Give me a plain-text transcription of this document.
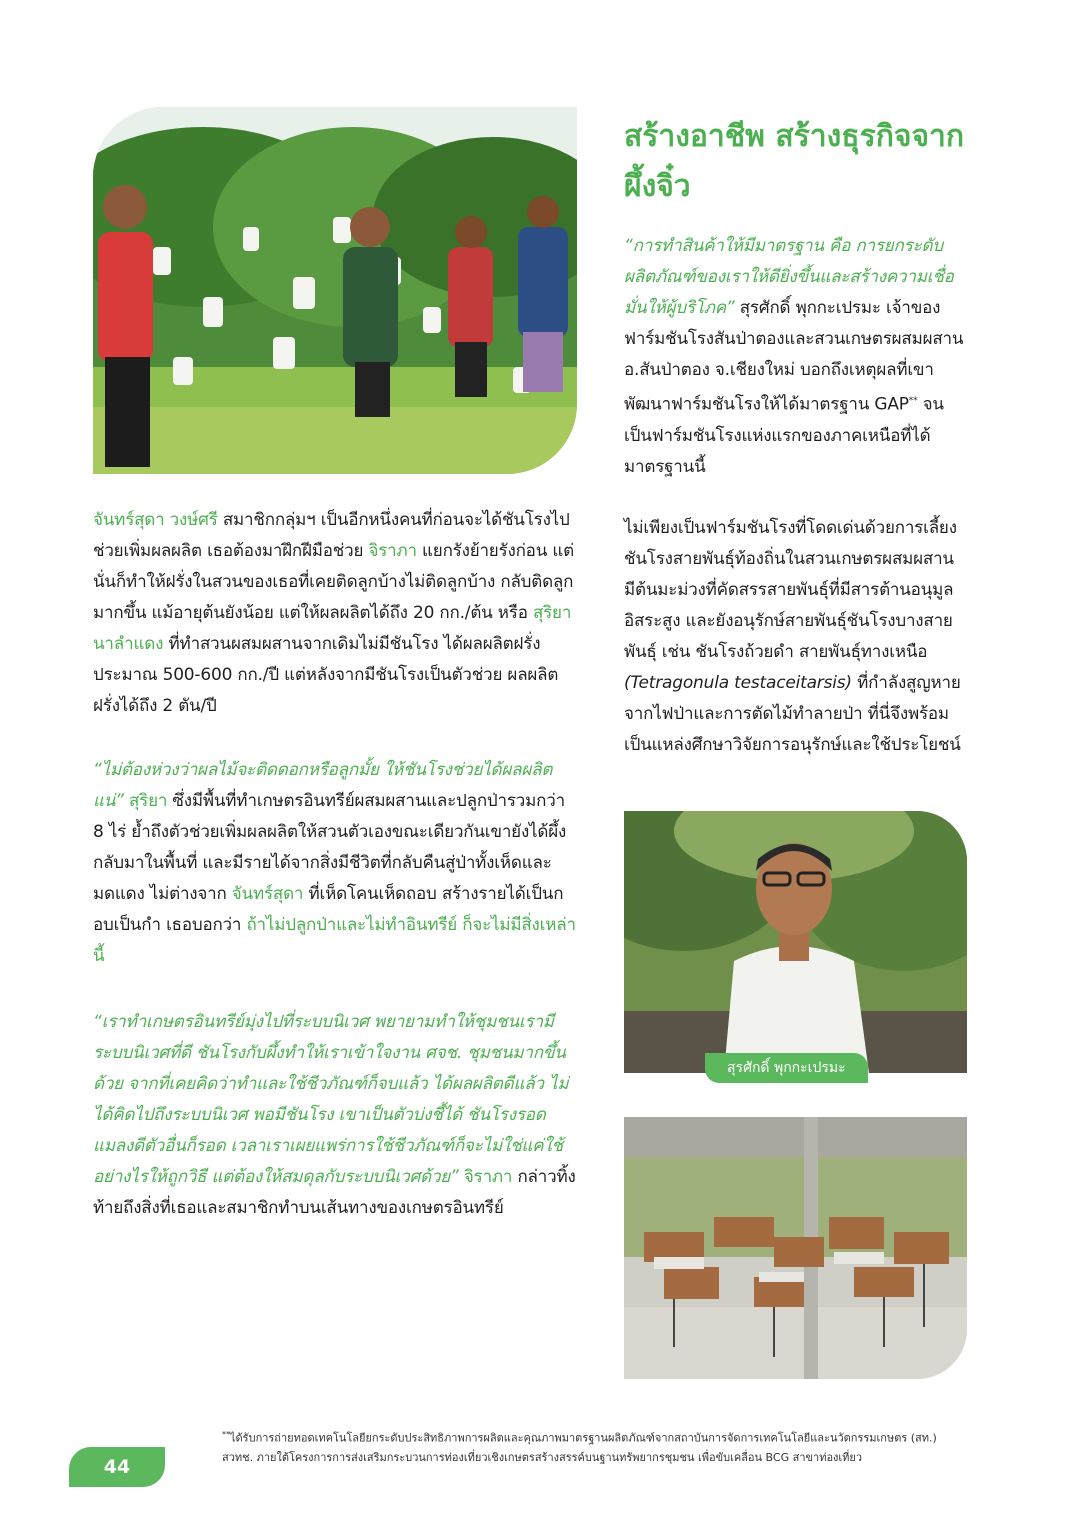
สร้างอาชีพ สร้างธุรกิจจากผึ้งจิ๋ว

“การทำสินค้าให้มีมาตรฐาน คือ การยกระดับผลิตภัณฑ์ของเราให้ดียิ่งขึ้นและสร้างความเชื่อมั่นให้ผู้บริโภค” สุรศักดิ์ พุกกะเปรมะ เจ้าของฟาร์มชันโรงสันป่าตองและสวนเกษตรผสมผสาน อ.สันป่าตอง จ.เชียงใหม่ บอกถึงเหตุผลที่เขาพัฒนาฟาร์มชันโรงให้ได้มาตรฐาน GAP** จนเป็นฟาร์มชันโรงแห่งแรกของภาคเหนือที่ได้มาตรฐานนี้

ไม่เพียงเป็นฟาร์มชันโรงที่โดดเด่นด้วยการเลี้ยงชันโรงสายพันธุ์ท้องถิ่นในสวนเกษตรผสมผสาน มีต้นมะม่วงที่คัดสรรสายพันธุ์ที่มีสารต้านอนุมูลอิสระสูง และยังอนุรักษ์สายพันธุ์ชันโรงบางสายพันธุ์ เช่น ชันโรงถ้วยดำ สายพันธุ์ทางเหนือ (Tetragonula testaceitarsis) ที่กำลังสูญหายจากไฟป่าและการตัดไม้ทำลายป่า ที่นี่จึงพร้อมเป็นแหล่งศึกษาวิจัยการอนุรักษ์และใช้ประโยชน์

จันทร์สุดา วงษ์ศรี สมาชิกกลุ่มฯ เป็นอีกหนึ่งคนที่ก่อนจะได้ชันโรงไปช่วยเพิ่มผลผลิต เธอต้องมาฝึกฝีมือช่วย จิราภา แยกรังย้ายรังก่อน แต่นั่นก็ทำให้ฝรั่งในสวนของเธอที่เคยติดลูกบ้างไม่ติดลูกบ้าง กลับติดลูกมากขึ้น แม้อายุต้นยังน้อย แต่ให้ผลผลิตได้ถึง 20 กก./ต้น หรือ สุริยา นาลำแดง ที่ทำสวนผสมผสานจากเดิมไม่มีชันโรง ได้ผลผลิตฝรั่งประมาณ 500-600 กก./ปี แต่หลังจากมีชันโรงเป็นตัวช่วย ผลผลิตฝรั่งได้ถึง 2 ตัน/ปี

“ไม่ต้องห่วงว่าผลไม้จะติดดอกหรือลูกมั้ย ให้ชันโรงช่วยได้ผลผลิตแน่” สุริยา ซึ่งมีพื้นที่ทำเกษตรอินทรีย์ผสมผสานและปลูกป่ารวมกว่า 8 ไร่ ย้ำถึงตัวช่วยเพิ่มผลผลิตให้สวนตัวเองขณะเดียวกันเขายังได้ผึ้งกลับมาในพื้นที่ และมีรายได้จากสิ่งมีชีวิตที่กลับคืนสู่ป่าทั้งเห็ดและมดแดง ไม่ต่างจาก จันทร์สุดา ที่เห็ดโคนเห็ดถอบ สร้างรายได้เป็นกอบเป็นกำ เธอบอกว่า ถ้าไม่ปลูกป่าและไม่ทำอินทรีย์ ก็จะไม่มีสิ่งเหล่านี้

“เราทำเกษตรอินทรีย์มุ่งไปที่ระบบนิเวศ พยายามทำให้ชุมชนเรามีระบบนิเวศที่ดี ชันโรงกับผึ้งทำให้เราเข้าใจงาน ศจช. ชุมชนมากขึ้นด้วย จากที่เคยคิดว่าทำและใช้ชีวภัณฑ์ก็จบแล้ว ได้ผลผลิตดีแล้ว ไม่ได้คิดไปถึงระบบนิเวศ พอมีชันโรง เขาเป็นตัวบ่งชี้ได้ ชันโรงรอด แมลงดีตัวอื่นก็รอด เวลาเราเผยแพร่การใช้ชีวภัณฑ์ก็จะไม่ใช่แค่ใช้อย่างไรให้ถูกวิธี แต่ต้องให้สมดุลกับระบบนิเวศด้วย” จิราภา กล่าวทิ้งท้ายถึงสิ่งที่เธอและสมาชิกทำบนเส้นทางของเกษตรอินทรีย์

สุรศักดิ์ พุกกะเปรมะ
**ได้รับการถ่ายทอดเทคโนโลยียกระดับประสิทธิภาพการผลิตและคุณภาพมาตรฐานผลิตภัณฑ์จากสถาบันการจัดการเทคโนโลยีและนวัตกรรมเกษตร (สท.)
สวทช. ภายใต้โครงการการส่งเสริมกระบวนการท่องเที่ยวเชิงเกษตรสร้างสรรค์บนฐานทรัพยากรชุมชน เพื่อขับเคลื่อน BCG สาขาท่องเที่ยว
44
